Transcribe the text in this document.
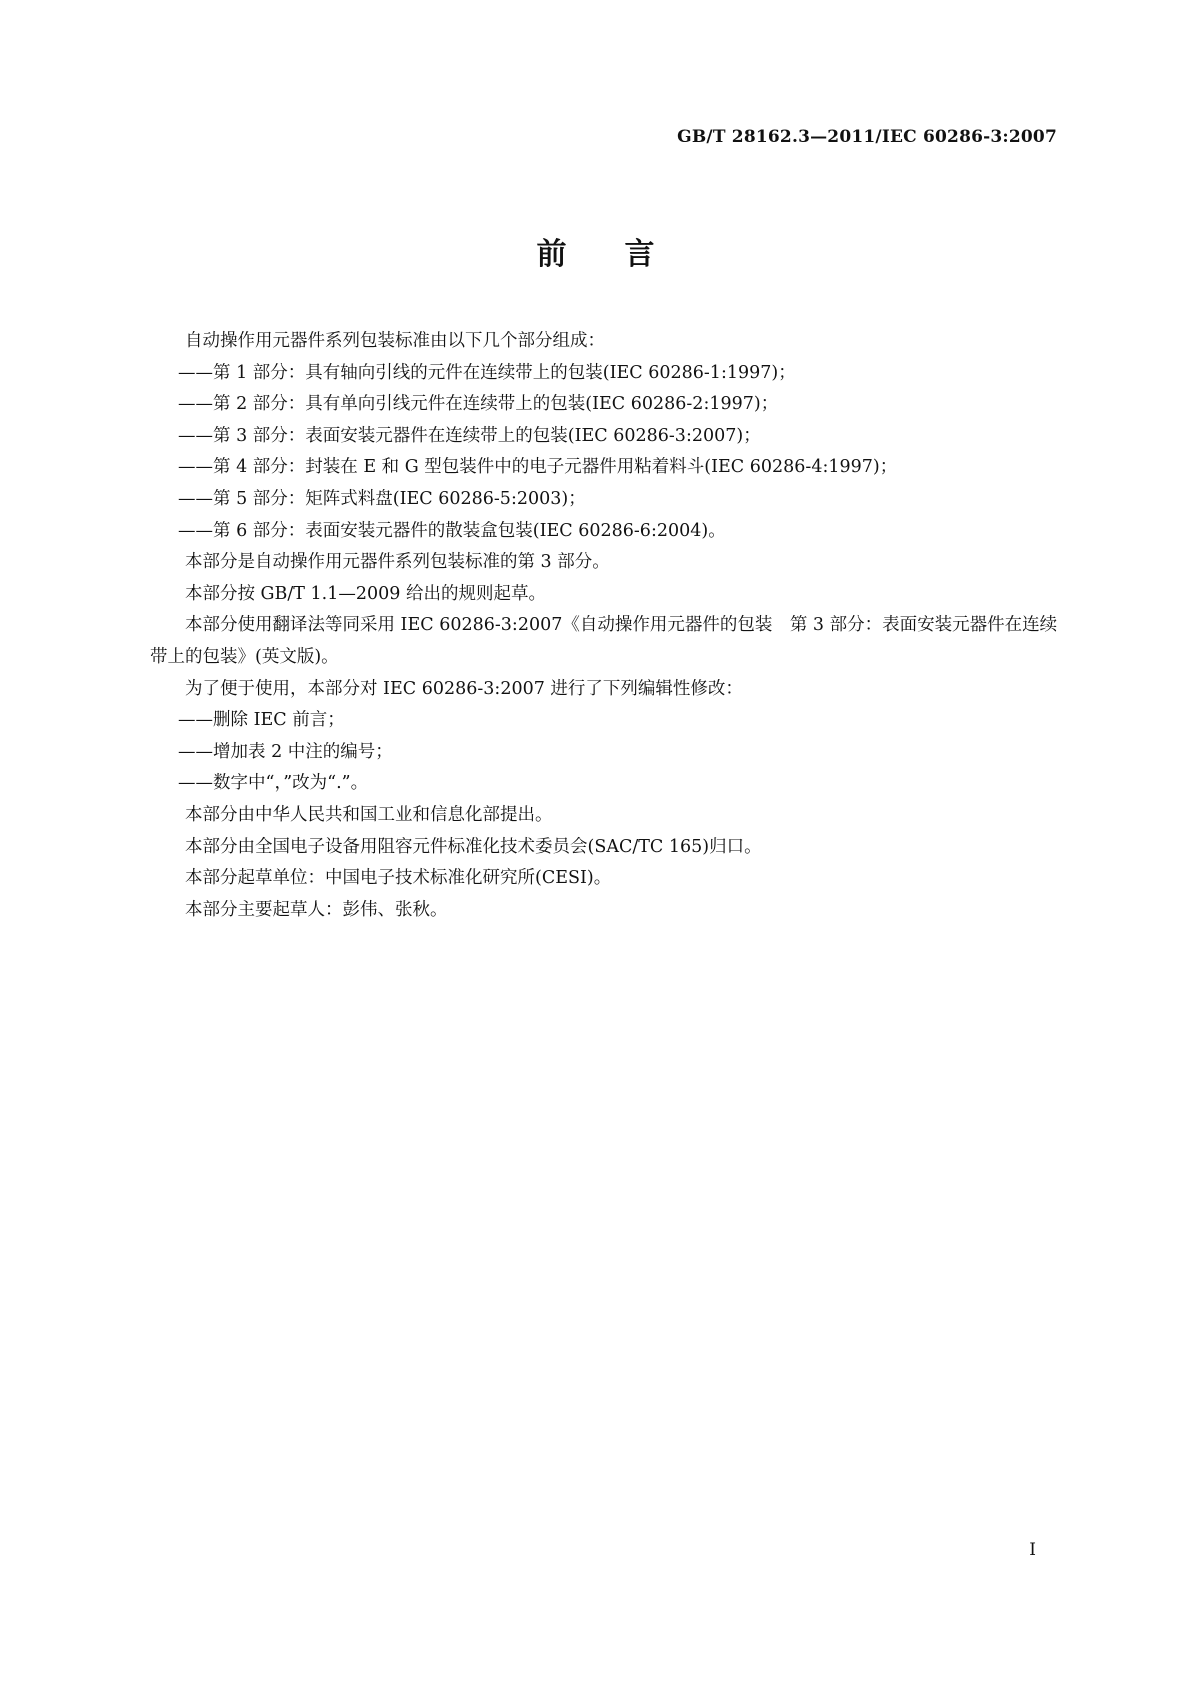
GB/T 28162.3—2011/IEC 60286-3:2007
前言

自动操作用元器件系列包装标准由以下几个部分组成：

——第 1 部分：具有轴向引线的元件在连续带上的包装(IEC 60286-1:1997)；

——第 2 部分：具有单向引线元件在连续带上的包装(IEC 60286-2:1997)；

——第 3 部分：表面安装元器件在连续带上的包装(IEC 60286-3:2007)；

——第 4 部分：封装在 E 和 G 型包装件中的电子元器件用粘着料斗(IEC 60286-4:1997)；

——第 5 部分：矩阵式料盘(IEC 60286-5:2003)；

——第 6 部分：表面安装元器件的散装盒包装(IEC 60286-6:2004)。

本部分是自动操作用元器件系列包装标准的第 3 部分。

本部分按 GB/T 1.1—2009 给出的规则起草。

本部分使用翻译法等同采用 IEC 60286-3:2007《自动操作用元器件的包装　第 3 部分：表面安装元器件在连续带上的包装》(英文版)。

为了便于使用，本部分对 IEC 60286-3:2007 进行了下列编辑性修改：

——删除 IEC 前言；

——增加表 2 中注的编号；

——数字中“，”改为“.”。

本部分由中华人民共和国工业和信息化部提出。

本部分由全国电子设备用阻容元件标准化技术委员会(SAC/TC 165)归口。

本部分起草单位：中国电子技术标准化研究所(CESI)。

本部分主要起草人：彭伟、张秋。

I
